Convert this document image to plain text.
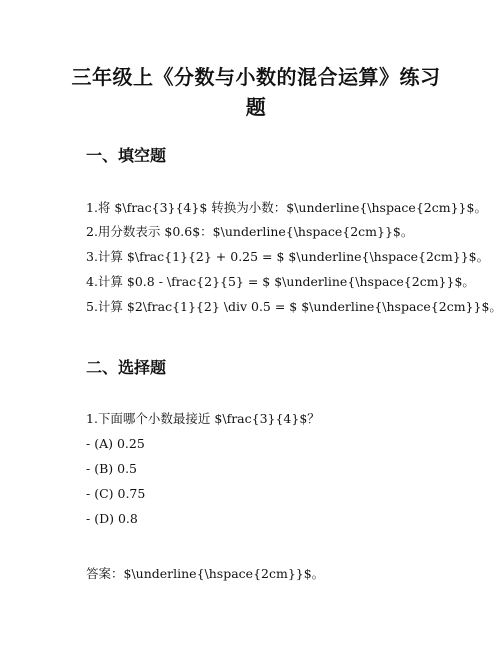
三年级上《分数与小数的混合运算》练习题
一、填空题
1.将 $\frac{3}{4}$ 转换为小数：$\underline{\hspace{2cm}}$。
2.用分数表示 $0.6$：$\underline{\hspace{2cm}}$。
3.计算 $\frac{1}{2} + 0.25 = $ $\underline{\hspace{2cm}}$。
4.计算 $0.8 - \frac{2}{5} = $ $\underline{\hspace{2cm}}$。
5.计算 $2\frac{1}{2} \div 0.5 = $ $\underline{\hspace{2cm}}$。
二、选择题
1.下面哪个小数最接近 $\frac{3}{4}$？
- (A) 0.25
- (B) 0.5
- (C) 0.75
- (D) 0.8
答案：$\underline{\hspace{2cm}}$。
